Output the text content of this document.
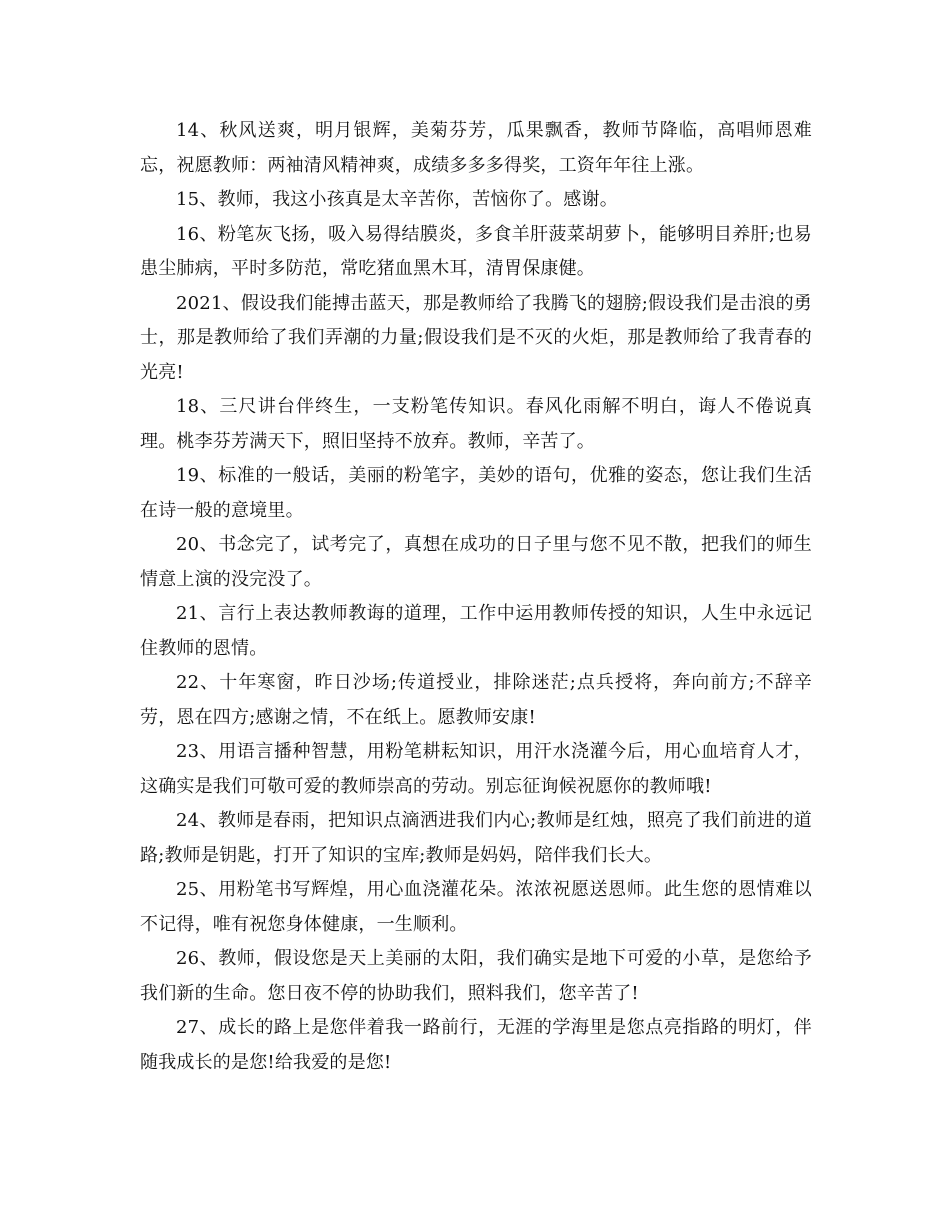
14、秋风送爽，明月银辉，美菊芬芳，瓜果飘香，教师节降临，高唱师恩难忘，祝愿教师：两袖清风精神爽，成绩多多多得奖，工资年年往上涨。

15、教师，我这小孩真是太辛苦你，苦恼你了。感谢。

16、粉笔灰飞扬，吸入易得结膜炎，多食羊肝菠菜胡萝卜，能够明目养肝;也易患尘肺病，平时多防范，常吃猪血黑木耳，清胃保康健。

2021、假设我们能搏击蓝天，那是教师给了我腾飞的翅膀;假设我们是击浪的勇士，那是教师给了我们弄潮的力量;假设我们是不灭的火炬，那是教师给了我青春的光亮!

18、三尺讲台伴终生，一支粉笔传知识。春风化雨解不明白，诲人不倦说真理。桃李芬芳满天下，照旧坚持不放弃。教师，辛苦了。

19、标准的一般话，美丽的粉笔字，美妙的语句，优雅的姿态，您让我们生活在诗一般的意境里。

20、书念完了，试考完了，真想在成功的日子里与您不见不散，把我们的师生情意上演的没完没了。

21、言行上表达教师教诲的道理，工作中运用教师传授的知识，人生中永远记住教师的恩情。

22、十年寒窗，昨日沙场;传道授业，排除迷茫;点兵授将，奔向前方;不辞辛劳，恩在四方;感谢之情，不在纸上。愿教师安康!

23、用语言播种智慧，用粉笔耕耘知识，用汗水浇灌今后，用心血培育人才，这确实是我们可敬可爱的教师崇高的劳动。别忘征询候祝愿你的教师哦!

24、教师是春雨，把知识点滴洒进我们内心;教师是红烛，照亮了我们前进的道路;教师是钥匙，打开了知识的宝库;教师是妈妈，陪伴我们长大。

25、用粉笔书写辉煌，用心血浇灌花朵。浓浓祝愿送恩师。此生您的恩情难以不记得，唯有祝您身体健康，一生顺利。

26、教师，假设您是天上美丽的太阳，我们确实是地下可爱的小草，是您给予我们新的生命。您日夜不停的协助我们，照料我们，您辛苦了!

27、成长的路上是您伴着我一路前行，无涯的学海里是您点亮指路的明灯，伴随我成长的是您!给我爱的是您!
